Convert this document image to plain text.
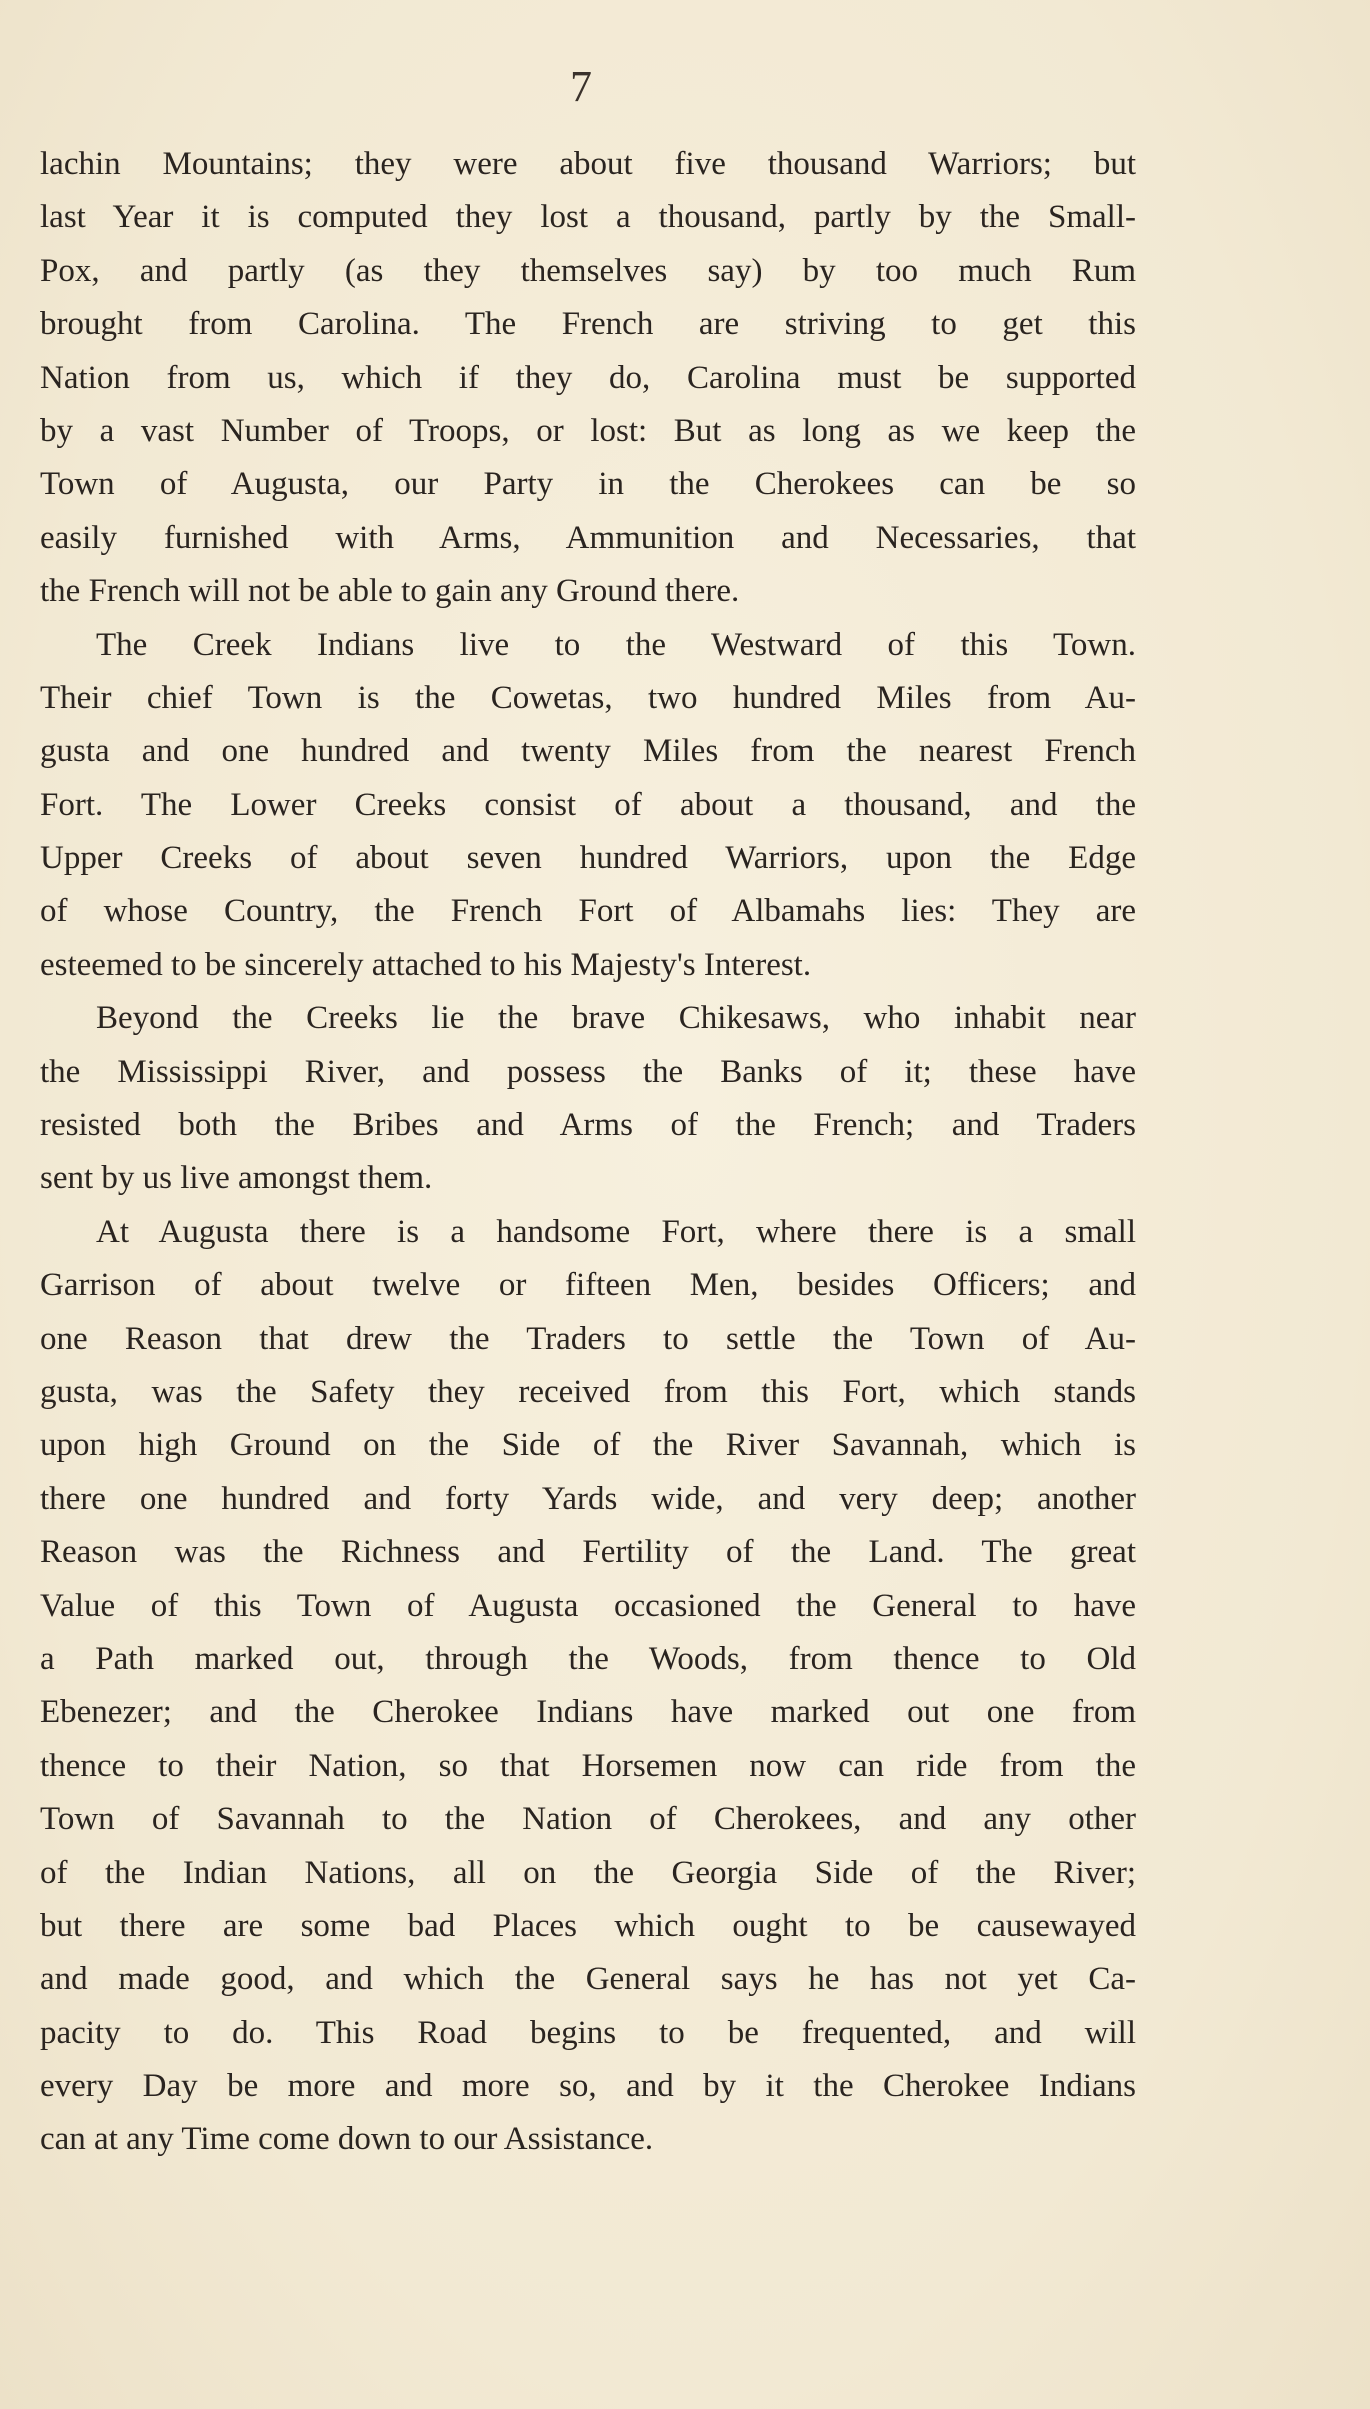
7
lachin Mountains; they were about five thousand Warriors; but
last Year it is computed they lost a thousand, partly by the Small-
Pox, and partly (as they themselves say) by too much Rum
brought from Carolina. The French are striving to get this
Nation from us, which if they do, Carolina must be supported
by a vast Number of Troops, or lost: But as long as we keep the
Town of Augusta, our Party in the Cherokees can be so
easily furnished with Arms, Ammunition and Necessaries, that
the French will not be able to gain any Ground there.
The Creek Indians live to the Westward of this Town.
Their chief Town is the Cowetas, two hundred Miles from Au-
gusta and one hundred and twenty Miles from the nearest French
Fort. The Lower Creeks consist of about a thousand, and the
Upper Creeks of about seven hundred Warriors, upon the Edge
of whose Country, the French Fort of Albamahs lies: They are
esteemed to be sincerely attached to his Majesty's Interest.
Beyond the Creeks lie the brave Chikesaws, who inhabit near
the Mississippi River, and possess the Banks of it; these have
resisted both the Bribes and Arms of the French; and Traders
sent by us live amongst them.
At Augusta there is a handsome Fort, where there is a small
Garrison of about twelve or fifteen Men, besides Officers; and
one Reason that drew the Traders to settle the Town of Au-
gusta, was the Safety they received from this Fort, which stands
upon high Ground on the Side of the River Savannah, which is
there one hundred and forty Yards wide, and very deep; another
Reason was the Richness and Fertility of the Land. The great
Value of this Town of Augusta occasioned the General to have
a Path marked out, through the Woods, from thence to Old
Ebenezer; and the Cherokee Indians have marked out one from
thence to their Nation, so that Horsemen now can ride from the
Town of Savannah to the Nation of Cherokees, and any other
of the Indian Nations, all on the Georgia Side of the River;
but there are some bad Places which ought to be causewayed
and made good, and which the General says he has not yet Ca-
pacity to do. This Road begins to be frequented, and will
every Day be more and more so, and by it the Cherokee Indians
can at any Time come down to our Assistance.
